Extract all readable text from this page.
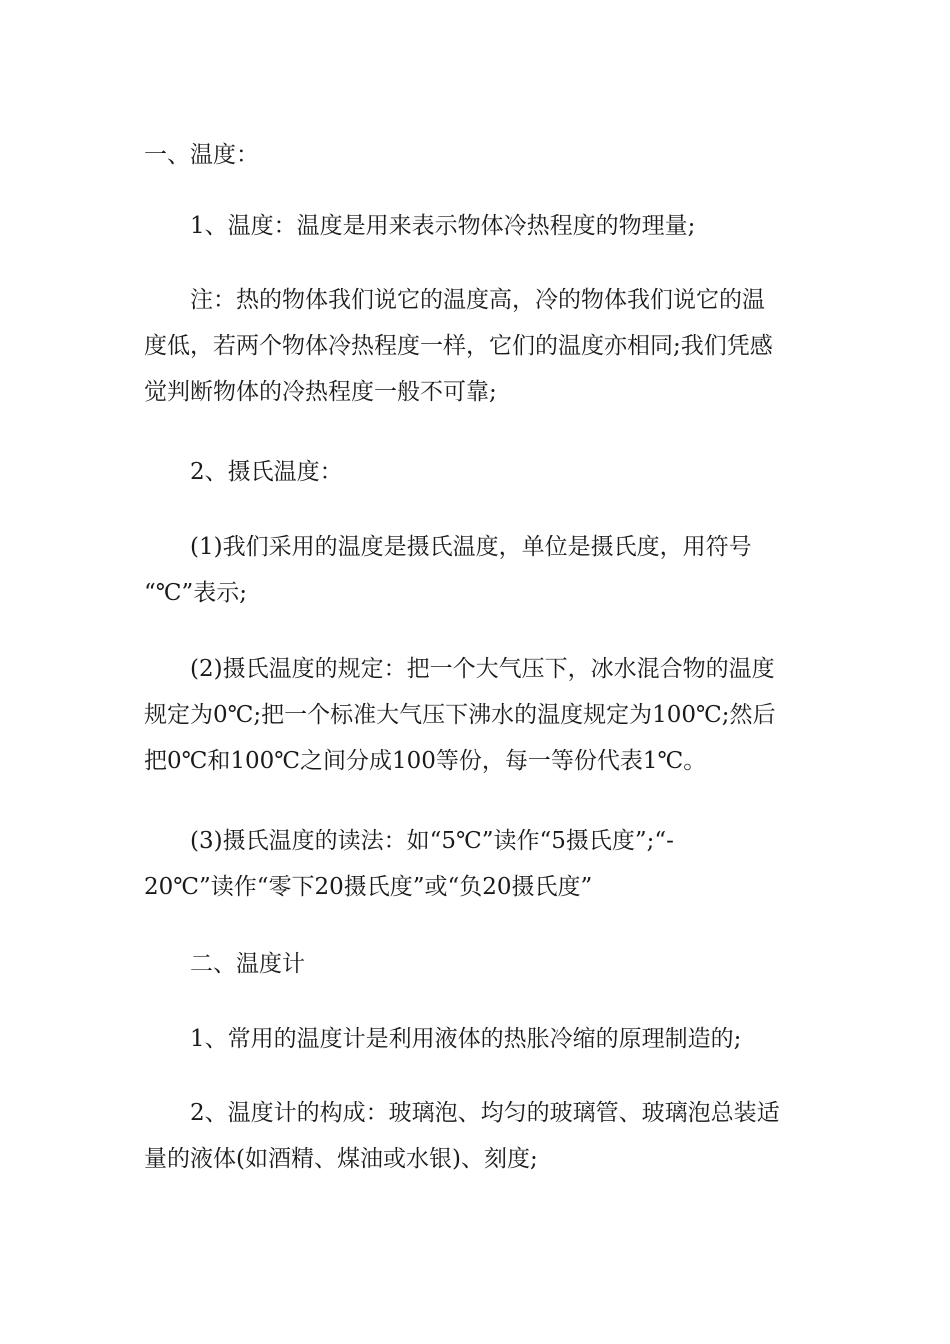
一、温度：

1、温度：温度是用来表示物体冷热程度的物理量;

注：热的物体我们说它的温度高，冷的物体我们说它的温
度低，若两个物体冷热程度一样，它们的温度亦相同;我们凭感
觉判断物体的冷热程度一般不可靠;

2、摄氏温度：

(1)我们采用的温度是摄氏温度，单位是摄氏度，用符号
“℃”表示;

(2)摄氏温度的规定：把一个大气压下，冰水混合物的温度
规定为0℃;把一个标准大气压下沸水的温度规定为100℃;然后
把0℃和100℃之间分成100等份，每一等份代表1℃。

(3)摄氏温度的读法：如“5℃”读作“5摄氏度”;“-
20℃”读作“零下20摄氏度”或“负20摄氏度”

二、温度计

1、常用的温度计是利用液体的热胀冷缩的原理制造的;

2、温度计的构成：玻璃泡、均匀的玻璃管、玻璃泡总装适
量的液体(如酒精、煤油或水银)、刻度;
